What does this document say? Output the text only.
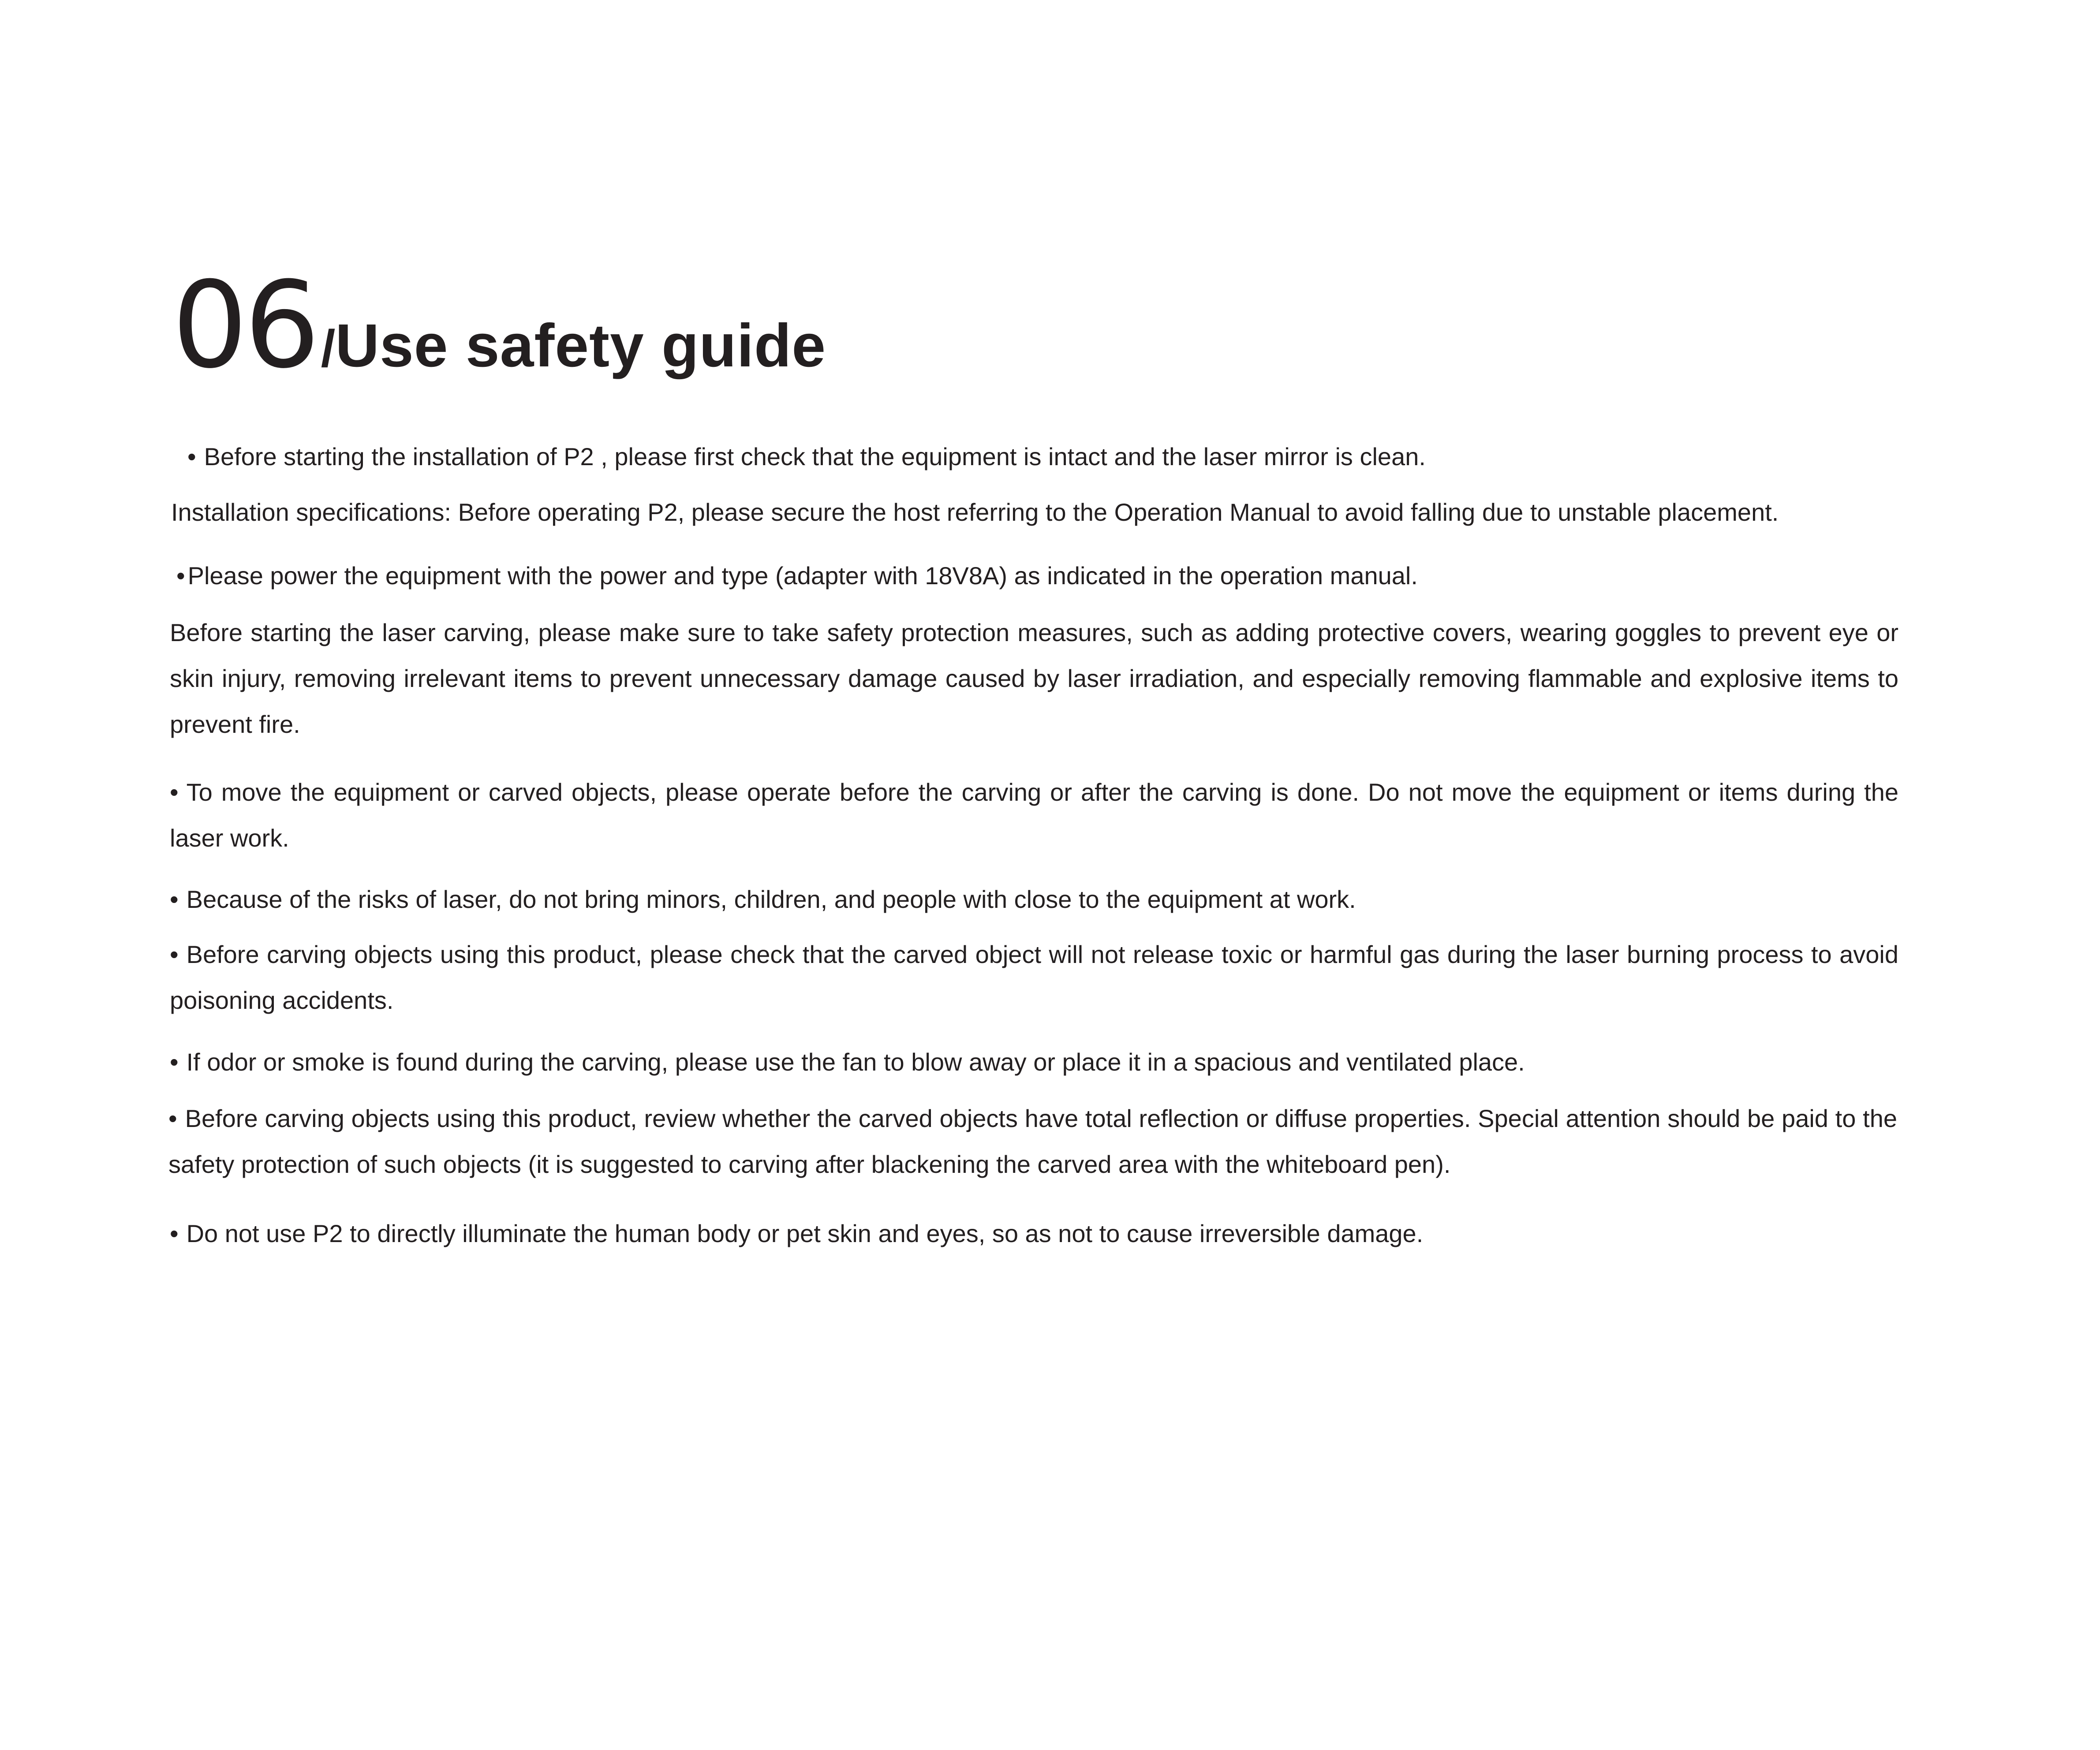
06/Use safety guide

• Before starting the installation of P2 , please first check that the equipment is intact and the laser mirror is clean.

Installation specifications: Before operating P2, please secure the host referring to the Operation Manual to avoid falling due to unstable placement.

• Please power the equipment with the power and type (adapter with 18V8A) as indicated in the operation manual.

Before starting the laser carving, please make sure to take safety protection measures, such as adding protective covers, wearing goggles to prevent eye or skin injury, removing irrelevant items to prevent unnecessary damage caused by laser irradiation, and especially removing flammable and explosive items to prevent fire.

• To move the equipment or carved objects, please operate before the carving or after the carving is done. Do not move the equipment or items during the laser work.

• Because of the risks of laser, do not bring minors, children, and people with close to the equipment at work.

• Before carving objects using this product, please check that the carved object will not release toxic or harmful gas during the laser burning process to avoid poisoning accidents.

• If odor or smoke is found during the carving, please use the fan to blow away or place it in a spacious and ventilated place.

• Before carving objects using this product, review whether the carved objects have total reflection or diffuse properties. Special attention should be paid to the safety protection of such objects (it is suggested to carving after blackening the carved area with the whiteboard pen).

• Do not use P2 to directly illuminate the human body or pet skin and eyes, so as not to cause irreversible damage.
